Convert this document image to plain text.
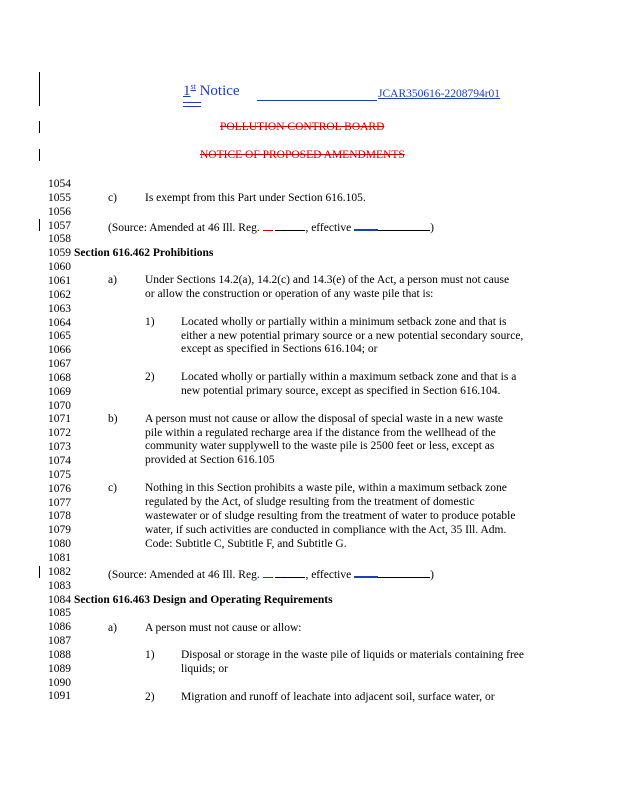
1st Notice	JCAR350616-2208794r01
POLLUTION CONTROL BOARD
NOTICE OF PROPOSED AMENDMENTS
1054
1055
1056
1057
1058
1059
1060
1061
1062
1063
1064
1065
1066
1067
1068
1069
1070
1071
1072
1073
1074
1075
1076
1077
1078
1079
1080
1081
1082
1083
1084
1085
1086
1087
1088
1089
1090
1091
c) Is exempt from this Part under Section 616.105.
(Source: Amended at 46 Ill. Reg.	, effective	)
Section 616.462 Prohibitions
a) Under Sections 14.2(a), 14.2(c) and 14.3(e) of the Act, a person must not cause
or allow the construction or operation of any waste pile that is:
1) Located wholly or partially within a minimum setback zone and that is
either a new potential primary source or a new potential secondary source,
except as specified in Sections 616.104; or
2) Located wholly or partially within a maximum setback zone and that is a
new potential primary source, except as specified in Section 616.104.
b) A person must not cause or allow the disposal of special waste in a new waste
pile within a regulated recharge area if the distance from the wellhead of the
community water supplywell to the waste pile is 2500 feet or less, except as
provided at Section 616.105
c) Nothing in this Section prohibits a waste pile, within a maximum setback zone
regulated by the Act, of sludge resulting from the treatment of domestic
wastewater or of sludge resulting from the treatment of water to produce potable
water, if such activities are conducted in compliance with the Act, 35 Ill. Adm.
Code: Subtitle C, Subtitle F, and Subtitle G.
(Source: Amended at 46 Ill. Reg.	, effective	)
Section 616.463 Design and Operating Requirements
a) A person must not cause or allow:
1) Disposal or storage in the waste pile of liquids or materials containing free
liquids; or
2) Migration and runoff of leachate into adjacent soil, surface water, or
